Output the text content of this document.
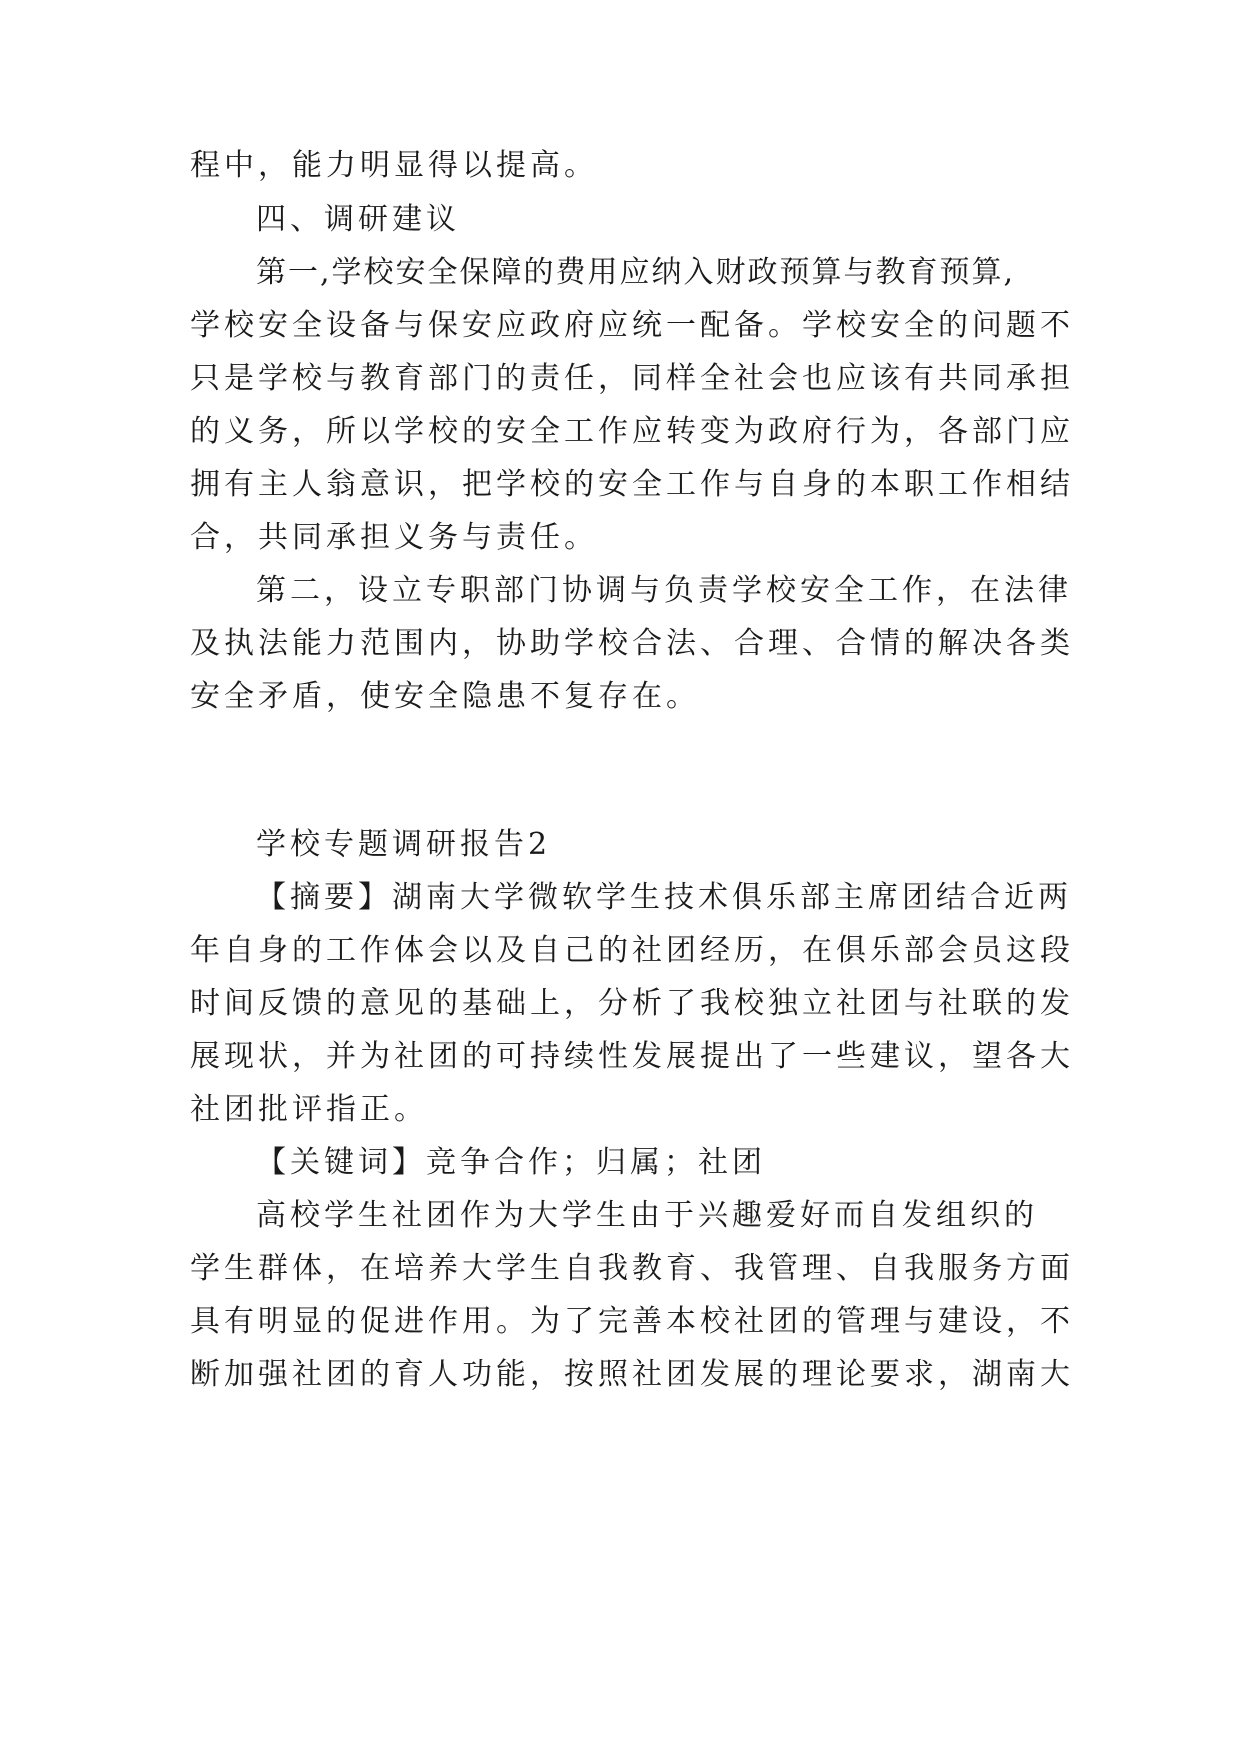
程中，能力明显得以提高。
四、调研建议
第一,学校安全保障的费用应纳入财政预算与教育预算,
学校安全设备与保安应政府应统一配备。学校安全的问题不
只是学校与教育部门的责任，同样全社会也应该有共同承担
的义务，所以学校的安全工作应转变为政府行为，各部门应
拥有主人翁意识，把学校的安全工作与自身的本职工作相结
合，共同承担义务与责任。
第二，设立专职部门协调与负责学校安全工作，在法律
及执法能力范围内，协助学校合法、合理、合情的解决各类
安全矛盾，使安全隐患不复存在。
学校专题调研报告2
【摘要】湖南大学微软学生技术俱乐部主席团结合近两
年自身的工作体会以及自己的社团经历，在俱乐部会员这段
时间反馈的意见的基础上，分析了我校独立社团与社联的发
展现状，并为社团的可持续性发展提出了一些建议，望各大
社团批评指正。
【关键词】竞争合作；归属；社团
高校学生社团作为大学生由于兴趣爱好而自发组织的
学生群体，在培养大学生自我教育、我管理、自我服务方面
具有明显的促进作用。为了完善本校社团的管理与建设，不
断加强社团的育人功能，按照社团发展的理论要求，湖南大
